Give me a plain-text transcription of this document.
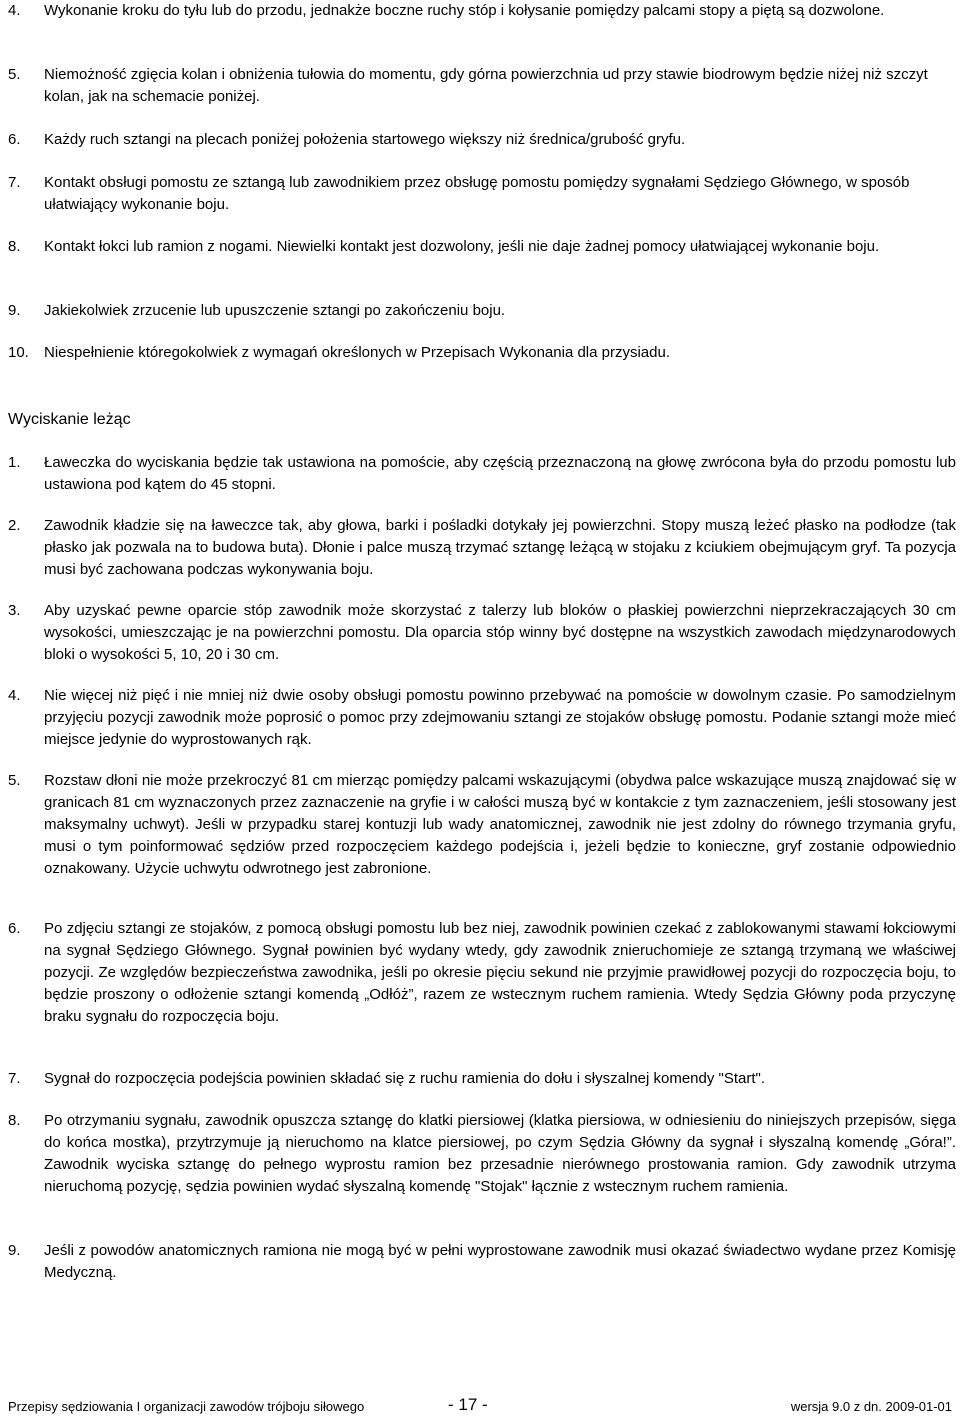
4. Wykonanie kroku do tyłu lub do przodu, jednakże boczne ruchy stóp i kołysanie pomiędzy palcami stopy a piętą są dozwolone.
5. Niemożność zgięcia kolan i obniżenia tułowia do momentu, gdy górna powierzchnia ud przy stawie biodrowym będzie niżej niż szczyt kolan, jak na schemacie poniżej.
6. Każdy ruch sztangi na plecach poniżej położenia startowego większy niż średnica/grubość gryfu.
7. Kontakt obsługi pomostu ze sztangą lub zawodnikiem przez obsługę pomostu pomiędzy sygnałami Sędziego Głównego, w sposób ułatwiający wykonanie boju.
8. Kontakt łokci lub ramion z nogami. Niewielki kontakt jest dozwolony, jeśli nie daje żadnej pomocy ułatwiającej wykonanie boju.
9. Jakiekolwiek zrzucenie lub upuszczenie sztangi po zakończeniu boju.
10. Niespełnienie któregokolwiek z wymagań określonych w Przepisach Wykonania dla przysiadu.
Wyciskanie leżąc
1. Ławeczka do wyciskania będzie tak ustawiona na pomoście, aby częścią przeznaczoną na głowę zwrócona była do przodu pomostu lub ustawiona pod kątem do 45 stopni.
2. Zawodnik kładzie się na ławeczce tak, aby głowa, barki i pośladki dotykały jej powierzchni. Stopy muszą leżeć płasko na podłodze (tak płasko jak pozwala na to budowa buta). Dłonie i palce muszą trzymać sztangę leżącą w stojaku z kciukiem obejmującym gryf. Ta pozycja musi być zachowana podczas wykonywania boju.
3. Aby uzyskać pewne oparcie stóp zawodnik może skorzystać z talerzy lub bloków o płaskiej powierzchni nieprzekraczających 30 cm wysokości, umieszczając je na powierzchni pomostu. Dla oparcia stóp winny być dostępne na wszystkich zawodach międzynarodowych bloki o wysokości 5, 10, 20 i 30 cm.
4. Nie więcej niż pięć i nie mniej niż dwie osoby obsługi pomostu powinno przebywać na pomoście w dowolnym czasie. Po samodzielnym przyjęciu pozycji zawodnik może poprosić o pomoc przy zdejmowaniu sztangi ze stojaków obsługę pomostu. Podanie sztangi może mieć miejsce jedynie do wyprostowanych rąk.
5. Rozstaw dłoni nie może przekroczyć 81 cm mierząc pomiędzy palcami wskazującymi (obydwa palce wskazujące muszą znajdować się w granicach 81 cm wyznaczonych przez zaznaczenie na gryfie i w całości muszą być w kontakcie z tym zaznaczeniem, jeśli stosowany jest maksymalny uchwyt). Jeśli w przypadku starej kontuzji lub wady anatomicznej, zawodnik nie jest zdolny do równego trzymania gryfu, musi o tym poinformować sędziów przed rozpoczęciem każdego podejścia i, jeżeli będzie to konieczne, gryf zostanie odpowiednio oznakowany. Użycie uchwytu odwrotnego jest zabronione.
6. Po zdjęciu sztangi ze stojaków, z pomocą obsługi pomostu lub bez niej, zawodnik powinien czekać z zablokowanymi stawami łokciowymi na sygnał Sędziego Głównego. Sygnał powinien być wydany wtedy, gdy zawodnik znieruchomieje ze sztangą trzymaną we właściwej pozycji. Ze względów bezpieczeństwa zawodnika, jeśli po okresie pięciu sekund nie przyjmie prawidłowej pozycji do rozpoczęcia boju, to będzie proszony o odłożenie sztangi komendą „Odłóż”, razem ze wstecznym ruchem ramienia. Wtedy Sędzia Główny poda przyczynę braku sygnału do rozpoczęcia boju.
7. Sygnał do rozpoczęcia podejścia powinien składać się z ruchu ramienia do dołu i słyszalnej komendy "Start".
8. Po otrzymaniu sygnału, zawodnik opuszcza sztangę do klatki piersiowej (klatka piersiowa, w odniesieniu do niniejszych przepisów, sięga do końca mostka), przytrzymuje ją nieruchomo na klatce piersiowej, po czym Sędzia Główny da sygnał i słyszalną komendę „Góra!”. Zawodnik wyciska sztangę do pełnego wyprostu ramion bez przesadnie nierównego prostowania ramion. Gdy zawodnik utrzyma nieruchomą pozycję, sędzia powinien wydać słyszalną komendę "Stojak" łącznie z wstecznym ruchem ramienia.
9. Jeśli z powodów anatomicznych ramiona nie mogą być w pełni wyprostowane zawodnik musi okazać świadectwo wydane przez Komisję Medyczną.
Przepisy sędziowania I organizacji zawodów trójboju siłowego	- 17 -	wersja 9.0 z dn. 2009-01-01
